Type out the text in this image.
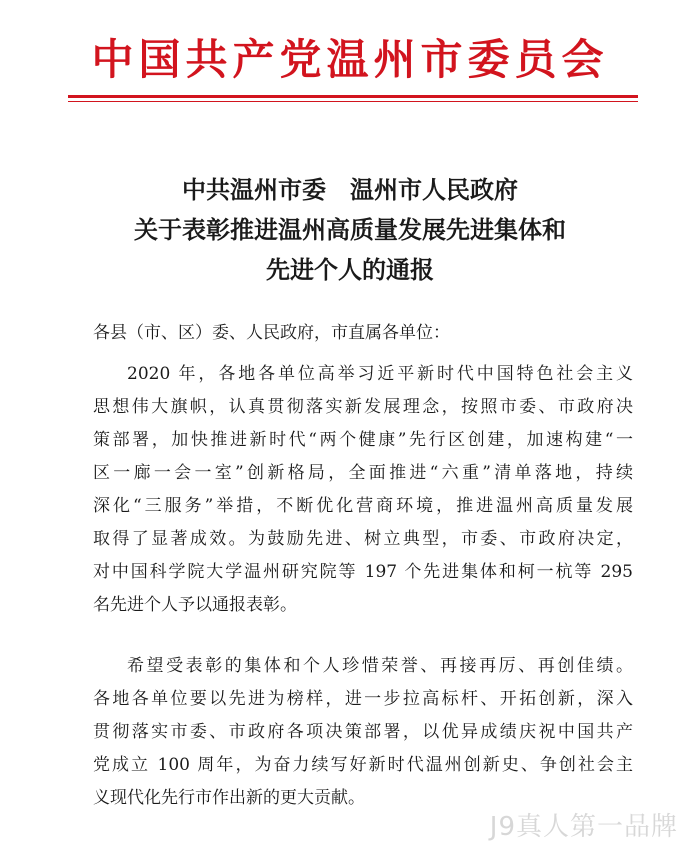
中国共产党温州市委员会
中共温州市委　温州市人民政府
关于表彰推进温州高质量发展先进集体和
先进个人的通报
各县（市、区）委、人民政府，市直属各单位：
2020 年，各地各单位高举习近平新时代中国特色社会主义
思想伟大旗帜，认真贯彻落实新发展理念，按照市委、市政府决
策部署，加快推进新时代“两个健康”先行区创建，加速构建“一
区一廊一会一室”创新格局，全面推进“六重”清单落地，持续
深化“三服务”举措，不断优化营商环境，推进温州高质量发展
取得了显著成效。为鼓励先进、树立典型，市委、市政府决定，
对中国科学院大学温州研究院等 197 个先进集体和柯一杭等 295
名先进个人予以通报表彰。
希望受表彰的集体和个人珍惜荣誉、再接再厉、再创佳绩。
各地各单位要以先进为榜样，进一步拉高标杆、开拓创新，深入
贯彻落实市委、市政府各项决策部署，以优异成绩庆祝中国共产
党成立 100 周年，为奋力续写好新时代温州创新史、争创社会主
义现代化先行市作出新的更大贡献。
J9真人第一品牌
